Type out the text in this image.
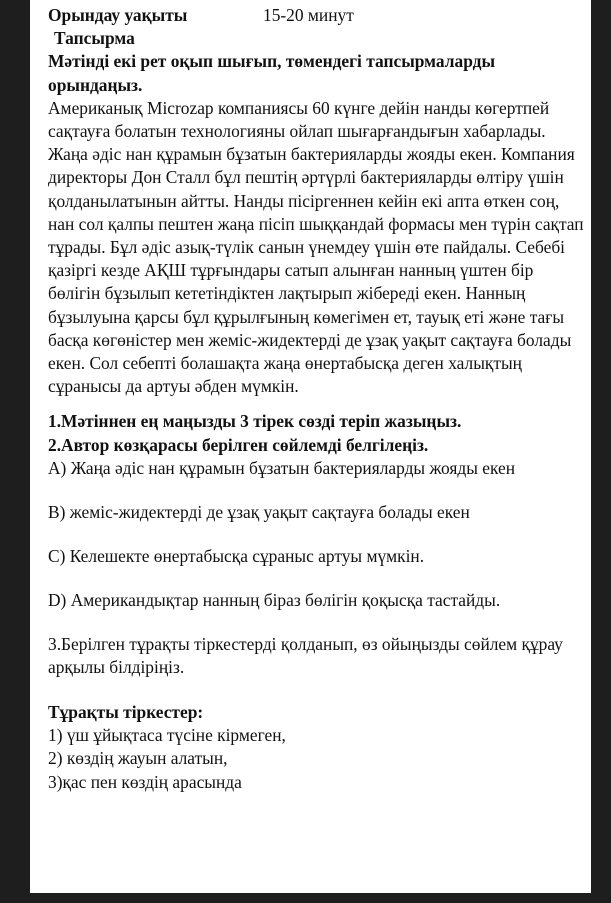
Орындау уақыты	15-20 минут

Тапсырма

Мәтінді екі рет оқып шығып, төмендегі тапсырмаларды орындаңыз.

Американық Microzap компаниясы 60 күнге дейін нанды көгертпей сақтауға болатын технологияны ойлап шығарғандығын хабарлады.

Жаңа әдіс нан құрамын бұзатын бактерияларды жояды екен. Компания директоры Дон Сталл бұл пештің әртүрлі бактерияларды өлтіру үшін қолданылатынын айтты. Нанды пісіргеннен кейін екі апта өткен соң, нан сол қалпы пештен жаңа пісіп шыққандай формасы мен түрін сақтап тұрады. Бұл әдіс азық-түлік санын үнемдеу үшін өте пайдалы. Себебі қазіргі кезде АҚШ тұрғындары сатып алынған нанның үштен бір бөлігін бұзылып кететіндіктен лақтырып жібереді екен. Нанның бұзылуына қарсы бұл құрылғының көмегімен ет, тауық еті және тағы басқа көгөністер мен жеміс-жидектерді де ұзақ уақыт сақтауға болады екен. Сол себепті болашақта жаңа өнертабысқа деген халықтың сұранысы да артуы әбден мүмкін.

1.Мәтіннен ең маңызды 3 тірек сөзді теріп жазыңыз.

2.Автор көзқарасы берілген сөйлемді белгілеңіз.

A) Жаңа әдіс нан құрамын бұзатын бактерияларды жояды екен

B) жеміс-жидектерді де ұзақ уақыт сақтауға болады екен

C) Келешекте өнертабысқа сұраныс артуы мүмкін.

D) Американдықтар нанның біраз бөлігін қоқысқа тастайды.

3.Берілген тұрақты тіркестерді қолданып, өз ойыңызды сөйлем құрау арқылы білдіріңіз.

Тұрақты тіркестер:

1) үш ұйықтаса түсіне кірмеген,

2) көздің жауын алатын,

3)қас пен көздің арасында
